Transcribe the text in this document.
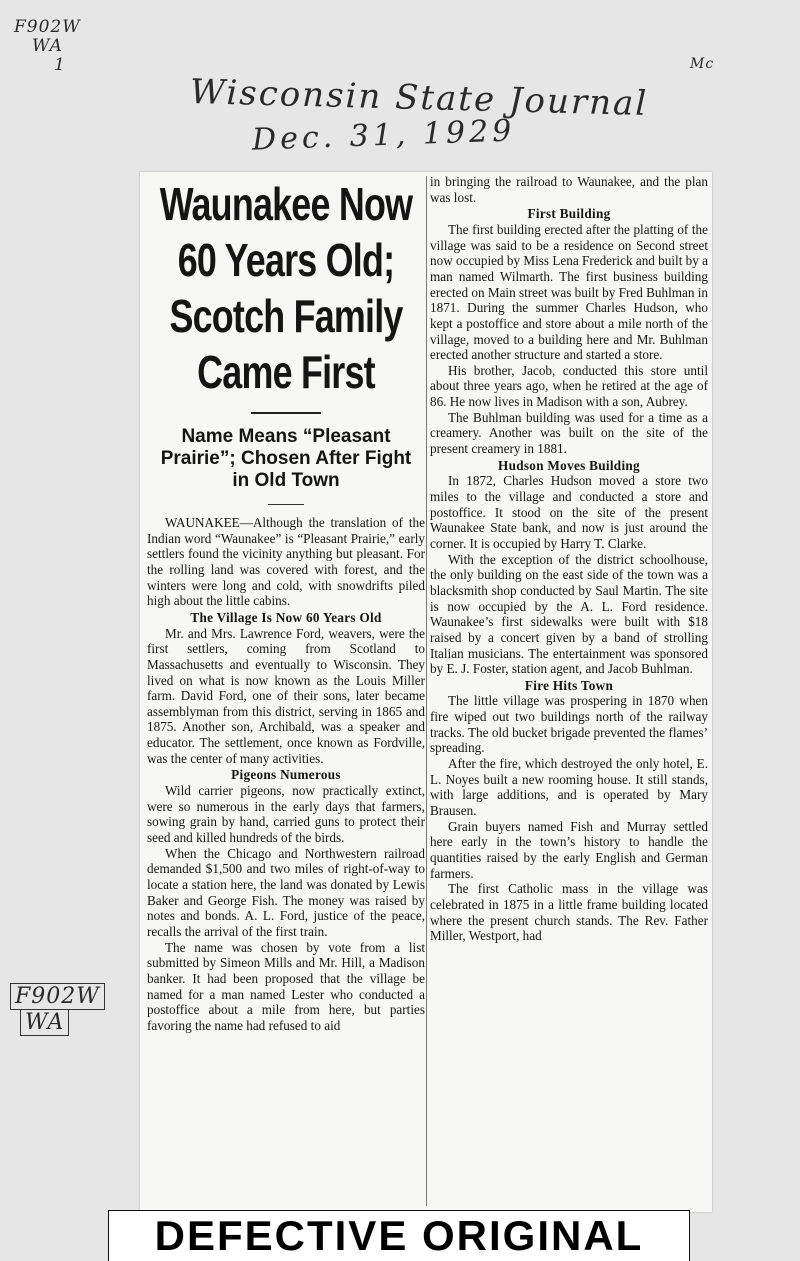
F902W
WA
1	Mc
Wisconsin State Journal
Dec. 31, 1929
F902W
WA
Waunakee Now 60 Years Old; Scotch Family Came First
Name Means “Pleasant Prairie”; Chosen After Fight in Old Town

WAUNAKEE—Although the translation of the Indian word “Waunakee” is “Pleasant Prairie,” early settlers found the vicinity anything but pleasant. For the rolling land was covered with forest, and the winters were long and cold, with snowdrifts piled high about the little cabins.

The Village Is Now 60 Years Old

Mr. and Mrs. Lawrence Ford, weavers, were the first settlers, coming from Scotland to Massachusetts and eventually to Wisconsin. They lived on what is now known as the Louis Miller farm. David Ford, one of their sons, later became assemblyman from this district, serving in 1865 and 1875. Another son, Archibald, was a speaker and educator. The settlement, once known as Fordville, was the center of many activities.

Pigeons Numerous

Wild carrier pigeons, now practically extinct, were so numerous in the early days that farmers, sowing grain by hand, carried guns to protect their seed and killed hundreds of the birds.

When the Chicago and Northwestern railroad demanded $1,500 and two miles of right-of-way to locate a station here, the land was donated by Lewis Baker and George Fish. The money was raised by notes and bonds. A. L. Ford, justice of the peace, recalls the arrival of the first train.

The name was chosen by vote from a list submitted by Simeon Mills and Mr. Hill, a Madison banker. It had been proposed that the village be named for a man named Lester who conducted a postoffice about a mile from here, but parties favoring the name had refused to aid

in bringing the railroad to Waunakee, and the plan was lost.

First Building

The first building erected after the platting of the village was said to be a residence on Second street now occupied by Miss Lena Frederick and built by a man named Wilmarth. The first business building erected on Main street was built by Fred Buhlman in 1871. During the summer Charles Hudson, who kept a postoffice and store about a mile north of the village, moved to a building here and Mr. Buhlman erected another structure and started a store.

His brother, Jacob, conducted this store until about three years ago, when he retired at the age of 86. He now lives in Madison with a son, Aubrey.

The Buhlman building was used for a time as a creamery. Another was built on the site of the present creamery in 1881.

Hudson Moves Building

In 1872, Charles Hudson moved a store two miles to the village and conducted a store and postoffice. It stood on the site of the present Waunakee State bank, and now is just around the corner. It is occupied by Harry T. Clarke.

With the exception of the district schoolhouse, the only building on the east side of the town was a blacksmith shop conducted by Saul Martin. The site is now occupied by the A. L. Ford residence. Waunakee’s first sidewalks were built with $18 raised by a concert given by a band of strolling Italian musicians. The entertainment was sponsored by E. J. Foster, station agent, and Jacob Buhlman.

Fire Hits Town

The little village was prospering in 1870 when fire wiped out two buildings north of the railway tracks. The old bucket brigade prevented the flames’ spreading.

After the fire, which destroyed the only hotel, E. L. Noyes built a new rooming house. It still stands, with large additions, and is operated by Mary Brausen.

Grain buyers named Fish and Murray settled here early in the town’s history to handle the quantities raised by the early English and German farmers.

The first Catholic mass in the village was celebrated in 1875 in a little frame building located where the present church stands. The Rev. Father Miller, Westport, had

DEFECTIVE ORIGINAL
